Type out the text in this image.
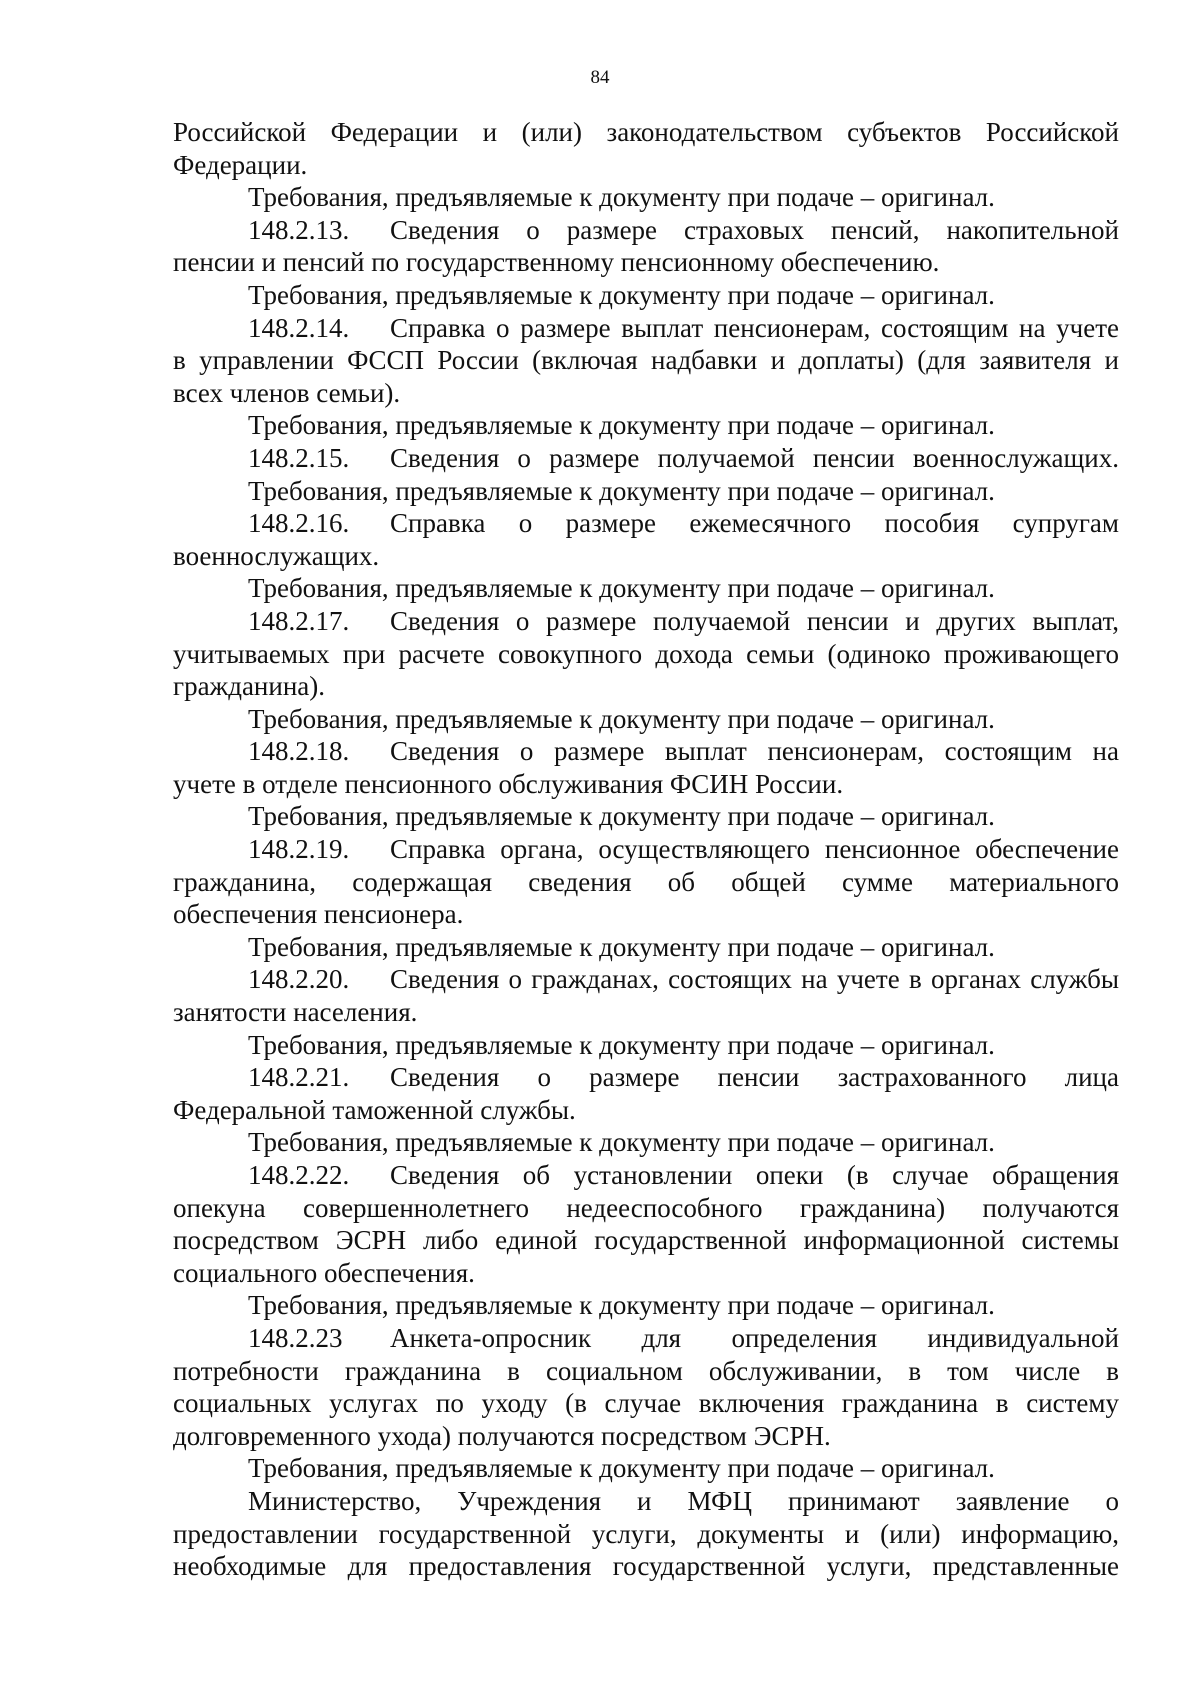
84
Российской Федерации и (или) законодательством субъектов Российской
Федерации.
Требования, предъявляемые к документу при подаче – оригинал.
148.2.13.	Сведения о размере страховых пенсий, накопительной
пенсии и пенсий по государственному пенсионному обеспечению.
Требования, предъявляемые к документу при подаче – оригинал.
148.2.14.	Справка о размере выплат пенсионерам, состоящим на учете
в управлении ФССП России (включая надбавки и доплаты) (для заявителя и
всех членов семьи).
Требования, предъявляемые к документу при подаче – оригинал.
148.2.15.	Сведения о размере получаемой пенсии военнослужащих.
Требования, предъявляемые к документу при подаче – оригинал.
148.2.16.	Справка о размере ежемесячного пособия супругам
военнослужащих.
Требования, предъявляемые к документу при подаче – оригинал.
148.2.17.	Сведения о размере получаемой пенсии и других выплат,
учитываемых при расчете совокупного дохода семьи (одиноко проживающего
гражданина).
Требования, предъявляемые к документу при подаче – оригинал.
148.2.18.	Сведения о размере выплат пенсионерам, состоящим на
учете в отделе пенсионного обслуживания ФСИН России.
Требования, предъявляемые к документу при подаче – оригинал.
148.2.19.	Справка органа, осуществляющего пенсионное обеспечение
гражданина, содержащая сведения об общей сумме материального
обеспечения пенсионера.
Требования, предъявляемые к документу при подаче – оригинал.
148.2.20.	Сведения о гражданах, состоящих на учете в органах службы
занятости населения.
Требования, предъявляемые к документу при подаче – оригинал.
148.2.21.	Сведения о размере пенсии застрахованного лица
Федеральной таможенной службы.
Требования, предъявляемые к документу при подаче – оригинал.
148.2.22.	Сведения об установлении опеки (в случае обращения
опекуна совершеннолетнего недееспособного гражданина) получаются
посредством ЭСРН либо единой государственной информационной системы
социального обеспечения.
Требования, предъявляемые к документу при подаче – оригинал.
148.2.23	Анкета-опросник для определения индивидуальной
потребности гражданина в социальном обслуживании, в том числе в
социальных услугах по уходу (в случае включения гражданина в систему
долговременного ухода) получаются посредством ЭСРН.
Требования, предъявляемые к документу при подаче – оригинал.
Министерство, Учреждения и МФЦ принимают заявление о
предоставлении государственной услуги, документы и (или) информацию,
необходимые для предоставления государственной услуги, представленные
